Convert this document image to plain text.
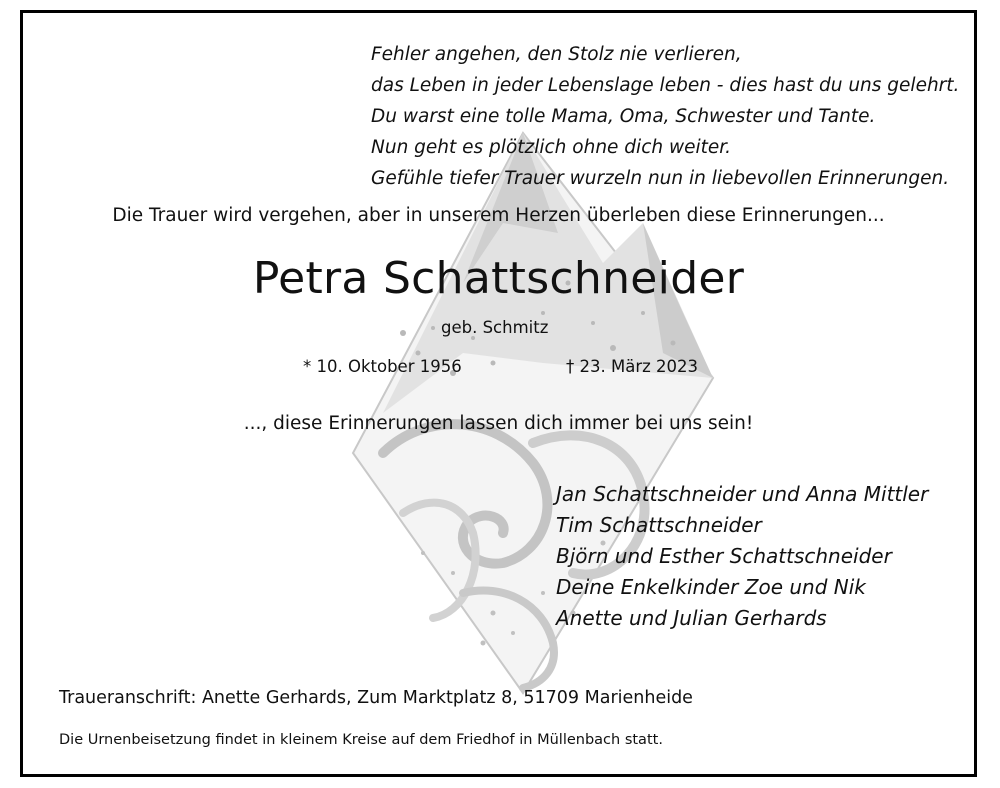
Fehler angehen, den Stolz nie verlieren,
das Leben in jeder Lebenslage leben - dies hast du uns gelehrt.
Du warst eine tolle Mama, Oma, Schwester und Tante.
Nun geht es plötzlich ohne dich weiter.
Gefühle tiefer Trauer wurzeln nun in liebevollen Erinnerungen.
Die Trauer wird vergehen, aber in unserem Herzen überleben diese Erinnerungen...
Petra Schattschneider
geb. Schmitz
* 10. Oktober 1956	† 23. März 2023
..., diese Erinnerungen lassen dich immer bei uns sein!
Jan Schattschneider und Anna Mittler
Tim Schattschneider
Björn und Esther Schattschneider
Deine Enkelkinder Zoe und Nik
Anette und Julian Gerhards
Traueranschrift: Anette Gerhards, Zum Marktplatz 8, 51709 Marienheide
Die Urnenbeisetzung findet in kleinem Kreise auf dem Friedhof in Müllenbach statt.
